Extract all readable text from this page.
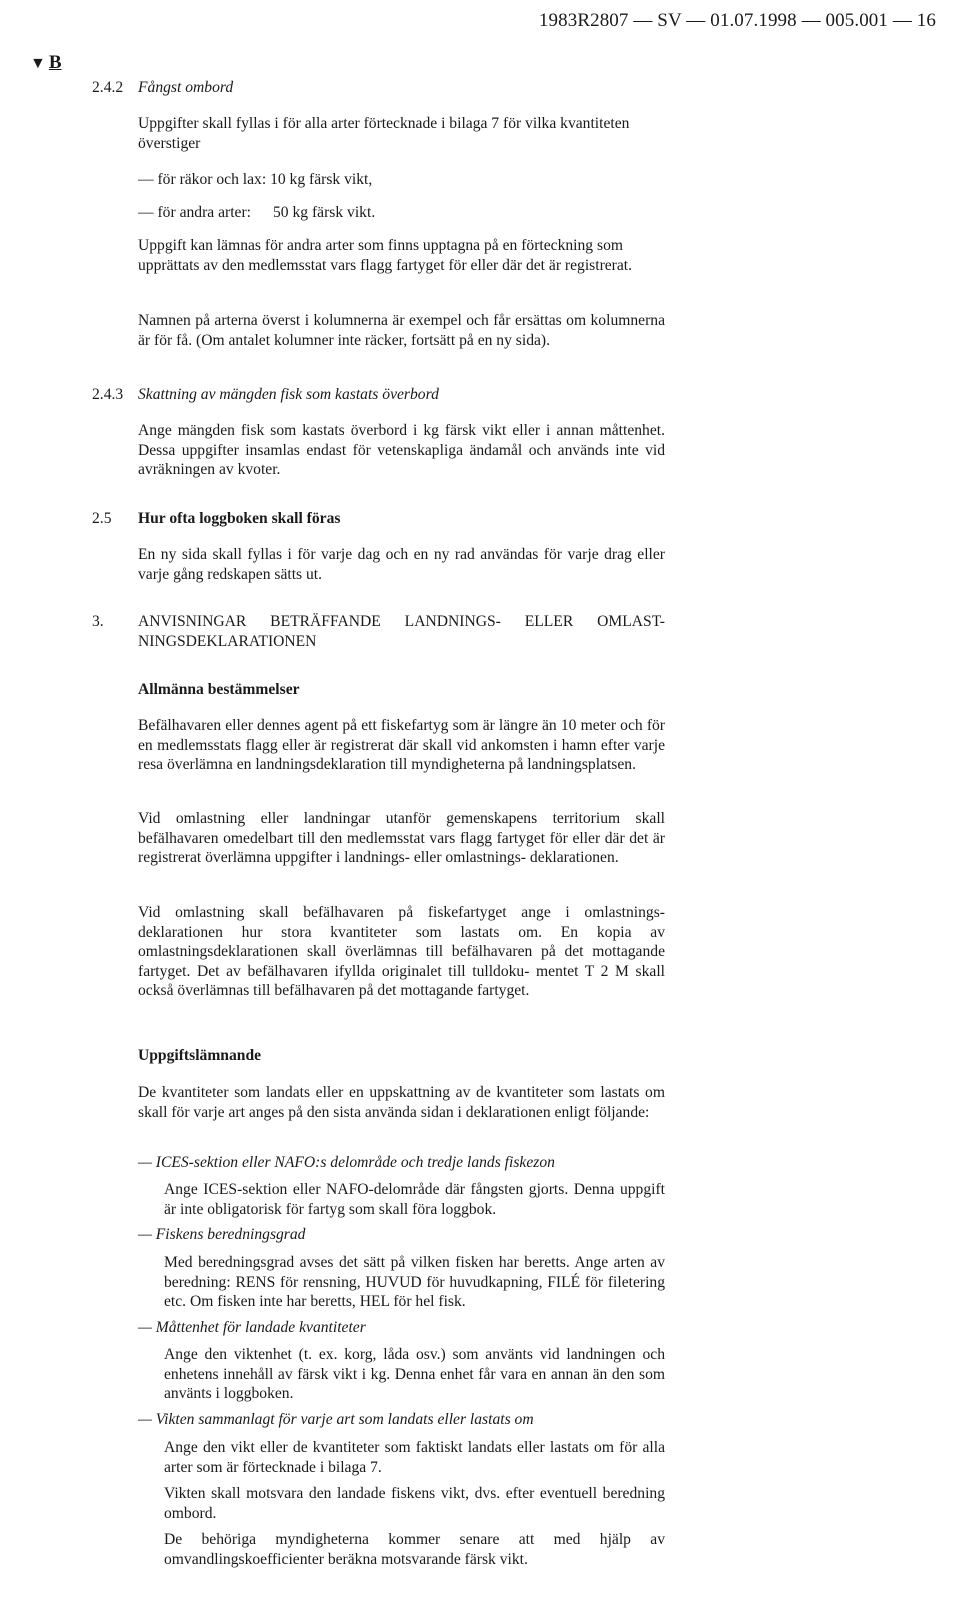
1983R2807 — SV — 01.07.1998 — 005.001 — 16
▼ B
2.4.2 Fångst ombord
Uppgifter skall fyllas i för alla arter förtecknade i bilaga 7 för vilka kvantiteten överstiger
— för räkor och lax: 10 kg färsk vikt,
— för andra arter: 50 kg färsk vikt.
Uppgift kan lämnas för andra arter som finns upptagna på en förteckning som upprättats av den medlemsstat vars flagg fartyget för eller där det är registrerat.
Namnen på arterna överst i kolumnerna är exempel och får ersättas om kolumnerna är för få. (Om antalet kolumner inte räcker, fortsätt på en ny sida).
2.4.3 Skattning av mängden fisk som kastats överbord
Ange mängden fisk som kastats överbord i kg färsk vikt eller i annan måttenhet. Dessa uppgifter insamlas endast för vetenskapliga ändamål och används inte vid avräkningen av kvoter.
2.5 Hur ofta loggboken skall föras
En ny sida skall fyllas i för varje dag och en ny rad användas för varje drag eller varje gång redskapen sätts ut.
3. ANVISNINGAR BETRÄFFANDE LANDNINGS- ELLER OMLAST- NINGSDEKLARATIONEN
Allmänna bestämmelser
Befälhavaren eller dennes agent på ett fiskefartyg som är längre än 10 meter och för en medlemsstats flagg eller är registrerat där skall vid ankomsten i hamn efter varje resa överlämna en landningsdeklaration till myndigheterna på landningsplatsen.
Vid omlastning eller landningar utanför gemenskapens territorium skall befälhavaren omedelbart till den medlemsstat vars flagg fartyget för eller där det är registrerat överlämna uppgifter i landnings- eller omlastnings- deklarationen.
Vid omlastning skall befälhavaren på fiskefartyget ange i omlastnings- deklarationen hur stora kvantiteter som lastats om. En kopia av omlastningsdeklarationen skall överlämnas till befälhavaren på det mottagande fartyget. Det av befälhavaren ifyllda originalet till tulldoku- mentet T 2 M skall också överlämnas till befälhavaren på det mottagande fartyget.
Uppgiftslämnande
De kvantiteter som landats eller en uppskattning av de kvantiteter som lastats om skall för varje art anges på den sista använda sidan i deklarationen enligt följande:
— ICES-sektion eller NAFO:s delområde och tredje lands fiskezon
Ange ICES-sektion eller NAFO-delområde där fångsten gjorts. Denna uppgift är inte obligatorisk för fartyg som skall föra loggbok.
— Fiskens beredningsgrad
Med beredningsgrad avses det sätt på vilken fisken har beretts. Ange arten av beredning: RENS för rensning, HUVUD för huvudkapning, FILÉ för filetering etc. Om fisken inte har beretts, HEL för hel fisk.
— Måttenhet för landade kvantiteter
Ange den viktenhet (t. ex. korg, låda osv.) som använts vid landningen och enhetens innehåll av färsk vikt i kg. Denna enhet får vara en annan än den som använts i loggboken.
— Vikten sammanlagt för varje art som landats eller lastats om
Ange den vikt eller de kvantiteter som faktiskt landats eller lastats om för alla arter som är förtecknade i bilaga 7.
Vikten skall motsvara den landade fiskens vikt, dvs. efter eventuell beredning ombord.
De behöriga myndigheterna kommer senare att med hjälp av omvandlingskoefficienter beräkna motsvarande färsk vikt.
